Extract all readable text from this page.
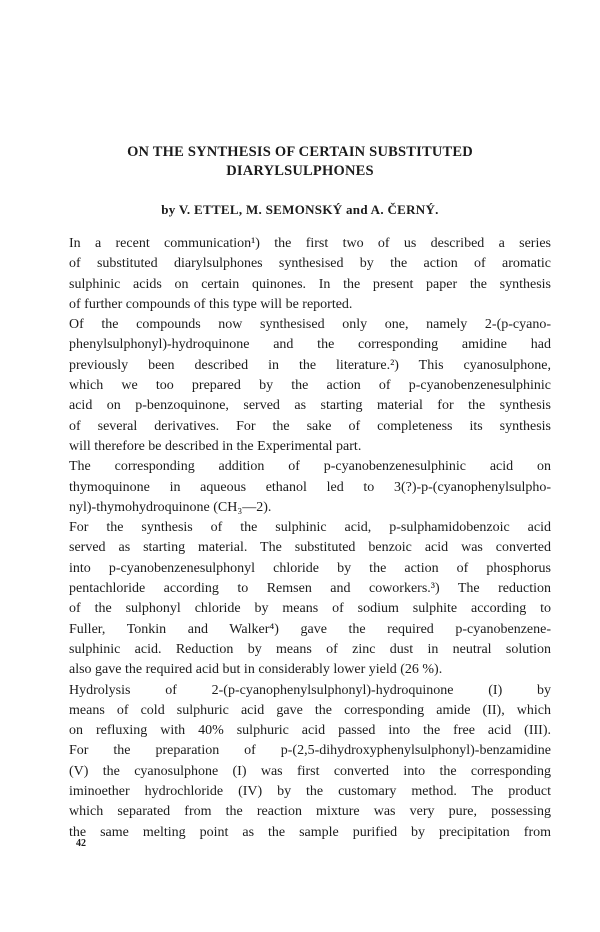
ON THE SYNTHESIS OF CERTAIN SUBSTITUTED
DIARYLSULPHONES
by V. ETTEL, M. SEMONSKÝ and A. ČERNÝ.

In a recent communication¹) the first two of us described a series
of substituted diarylsulphones synthesised by the action of aromatic
sulphinic acids on certain quinones. In the present paper the synthesis
of further compounds of this type will be reported.

Of the compounds now synthesised only one, namely 2-(p-cyano-
phenylsulphonyl)-hydroquinone and the corresponding amidine had
previously been described in the literature.²) This cyanosulphone,
which we too prepared by the action of p-cyanobenzenesulphinic
acid on p-benzoquinone, served as starting material for the synthesis
of several derivatives. For the sake of completeness its synthesis
will therefore be described in the Experimental part.

The corresponding addition of p-cyanobenzenesulphinic acid on
thymoquinone in aqueous ethanol led to 3(?)-p-(cyanophenylsulpho-
nyl)-thymohydroquinone (CH₃—2).

For the synthesis of the sulphinic acid, p-sulphamidobenzoic acid
served as starting material. The substituted benzoic acid was converted
into p-cyanobenzenesulphonyl chloride by the action of phosphorus
pentachloride according to Remsen and coworkers.³) The reduction
of the sulphonyl chloride by means of sodium sulphite according to
Fuller, Tonkin and Walker⁴) gave the required p-cyanobenzene-
sulphinic acid. Reduction by means of zinc dust in neutral solution
also gave the required acid but in considerably lower yield (26 %).

Hydrolysis of 2-(p-cyanophenylsulphonyl)-hydroquinone (I) by
means of cold sulphuric acid gave the corresponding amide (II), which
on refluxing with 40% sulphuric acid passed into the free acid (III).
For the preparation of p-(2,5-dihydroxyphenylsulphonyl)-benzamidine
(V) the cyanosulphone (I) was first converted into the corresponding
iminoether hydrochloride (IV) by the customary method. The product
which separated from the reaction mixture was very pure, possessing
the same melting point as the sample purified by precipitation from

42
